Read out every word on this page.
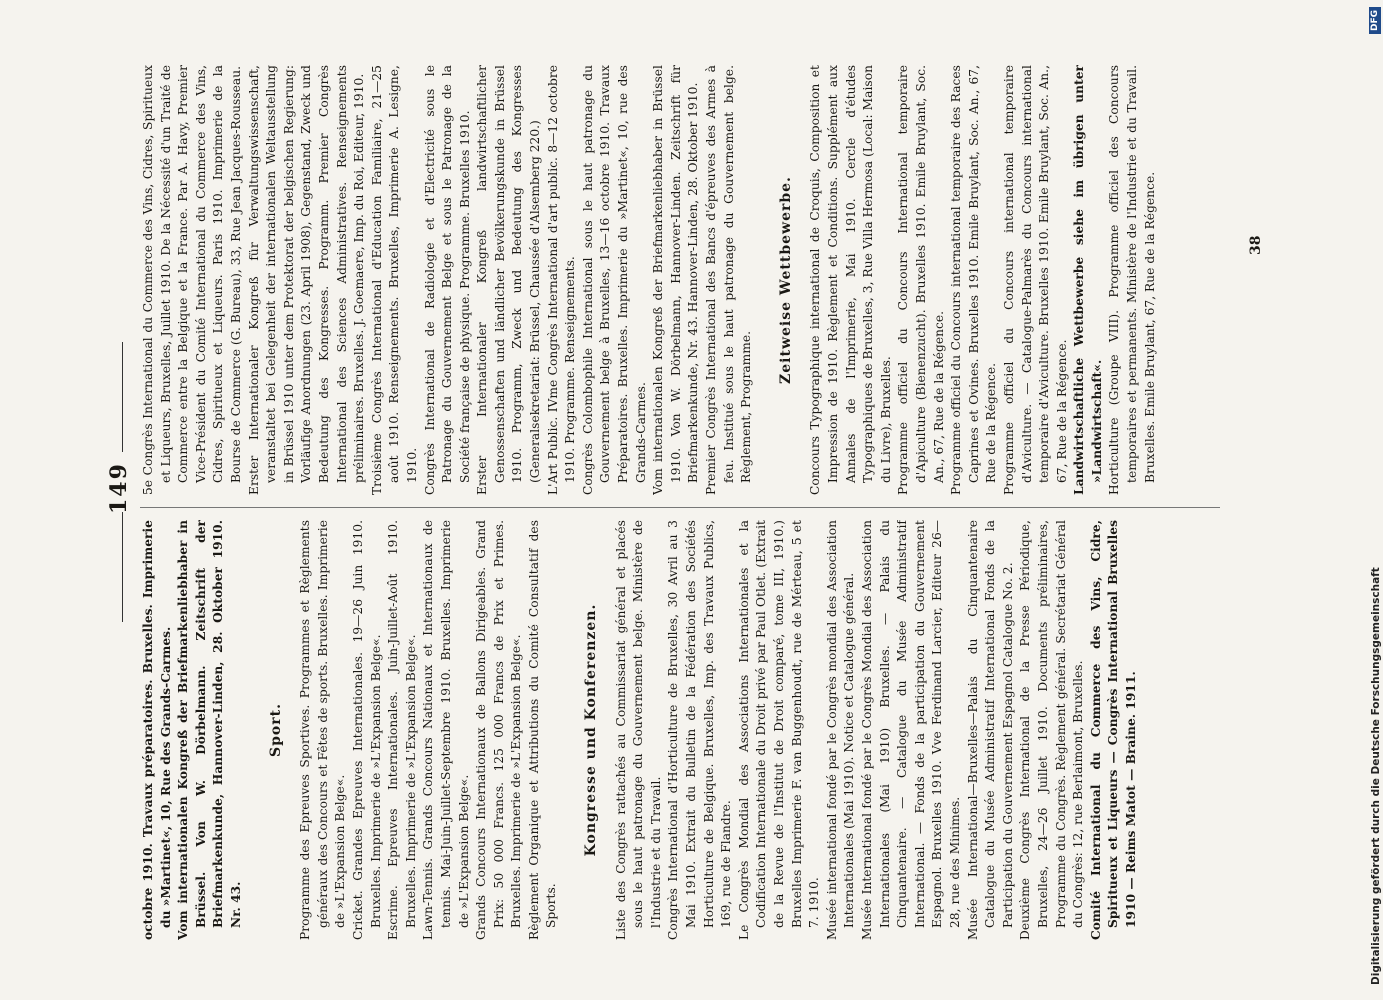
149

octobre 1910. Travaux préparatoires. Bruxelles. Imprimerie du »Martinet«, 10, Rue des Grands-Carmes. Vom internationalen Kongreß der Briefmarkenliebhaber in Brüssel. Von W. Dörbelmann. Zeitschrift der Briefmarkenkunde, Hannover-Linden, 28. Oktober 1910. Nr. 43.

Sport. Programme des Epreuves Sportives. Programmes et Règlements généraux des Concours et Fêtes de sports. Bruxelles. Imprimerie de »L'Expansion Belge«. Cricket. Grandes Epreuves Internationales. 19—26 Juin 1910. Bruxelles. Imprimerie de »L'Expansion Belge«. Escrime. Epreuves Internationales. Juin-Juillet-Août 1910. Bruxelles. Imprimerie de »L'Expansion Belge«. Lawn-Tennis. Grands Concours Nationaux et Internationaux de tennis. Mai-Juin-Juillet-Septembre 1910. Bruxelles. Imprimerie de »L'Expansion Belge«. Grands Concours Internationaux de Ballons Dirigeables. Grand Prix: 50 000 Francs. 125 000 Francs de Prix et Primes. Bruxelles. Imprimerie de »L'Expansion Belge«. Règlement Organique et Attributions du Comité Consultatif des Sports.

Kongresse und Konferenzen. Liste des Congrès rattachés au Commissariat général et placés sous le haut patronage du Gouvernement belge. Ministère de l'Industrie et du Travail. Congrès International d'Horticulture de Bruxelles, 30 Avril au 3 Mai 1910. Extrait du Bulletin de la Fédération des Sociétés Horticulture de Belgique. Bruxelles, Imp. des Travaux Publics, 169, rue de Flandre. Le Congrès Mondial des Associations Internationales et la Codification Internationale du Droit privé par Paul Otlet. (Extrait de la Revue de l'Institut de Droit comparé, tome III, 1910.) Bruxelles Imprimerie F. van Buggenhoudt, rue de Mérteau, 5 et 7. 1910. Musée international fondé par le Congrès mondial des Association Internationales (Mai 1910). Notice et Catalogue général. Musée International fondé par le Congrès Mondial des Association Internationales (Mai 1910) Bruxelles. — Palais du Cinquantenaire. — Catalogue du Musée Administratif International. — Fonds de la participation du Gouvernement Espagnol. Bruxelles 1910. Vve Ferdinand Larcier, Editeur 26—28, rue des Minimes. Musée International—Bruxelles—Palais du Cinquantenaire Catalogue du Musée Administratif International Fonds de la Participation du Gouvernement Espagnol Catalogue No. 2. Deuxième Congrès International de la Presse Périodique, Bruxelles, 24—26 Juillet 1910. Documents préliminaires, Programme du Congrès. Règlement général. Secrétariat Général du Congrès: 12, rue Berlaimont, Bruxelles. Comité International du Commerce des Vins, Cidre, Spiritueux et Liqueurs — Congrès International Bruxelles 1910 — Reims Matot — Braine. 1911.

5e Congrès International du Commerce des Vins, Cidres, Spiritueux et Liqueurs, Bruxelles, Juillet 1910. De la Nécessité d'un Traité de Commerce entre la Belgique et la France. Par A. Havy, Premier Vice-Président du Comité International du Commerce des Vins, Cidres, Spiritueux et Liqueurs. Paris 1910. Imprimerie de la Bourse de Commerce (G. Bureau), 33, Rue Jean Jacques-Rousseau. Erster Internationaler Kongreß für Verwaltungswissenschaft, veranstaltet bei Gelegenheit der internationalen Weltausstellung in Brüssel 1910 unter dem Protektorat der belgischen Regierung: Vorläufige Anordnungen (23. April 1908), Gegenstand, Zweck und Bedeutung des Kongresses. Programm. Premier Congrès International des Sciences Administratives. Renseignements préliminaires. Bruxelles. J. Goemaere, Imp. du Roi, Editeur, 1910. Troisième Congrès International d'Education Familiaire, 21—25 août 1910. Renseignements. Bruxelles, Imprimerie A. Lesigne, 1910. Congrès International de Radiologie et d'Electricité sous le Patronage du Gouvernement Belge et sous le Patronage de la Société française de physique. Programme. Bruxelles 1910. Erster Internationaler Kongreß landwirtschaftlicher Genossenschaften und ländlicher Bevölkerungskunde in Brüssel 1910. Programm, Zweck und Bedeutung des Kongresses (Generalsekretariat: Brüssel, Chaussée d'Alsemberg 220.) L'Art Public. IVme Congrès International d'art public. 8—12 octobre 1910. Programme. Renseignements. Congrès Colombophile International sous le haut patronage du Gouvernement belge à Bruxelles, 13—16 octobre 1910. Travaux Préparatoires. Bruxelles. Imprimerie du »Martinet«, 10, rue des Grands-Carmes. Vom internationalen Kongreß der Briefmarkenliebhaber in Brüssel 1910. Von W. Dörbelmann, Hannover-Linden. Zeitschrift für Briefmarkenkunde, Nr. 43. Hannover-Linden, 28. Oktober 1910. Premier Congrès International des Bancs d'épreuves des Armes à feu. Institué sous le haut patronage du Gouvernement belge. Règlement, Programme.

Zeitweise Wettbewerbe. Concours Typographique international de Croquis, Composition et Impression de 1910. Règlement et Conditions. Supplément aux Annales de l'Imprimerie, Mai 1910. Cercle d'études Typographiques de Bruxelles, 3, Rue Villa Hermosa (Local: Maison du Livre), Bruxelles. Programme officiel du Concours International temporaire d'Apiculture (Bienenzucht). Bruxelles 1910. Emile Bruylant, Soc. An., 67, Rue de la Régence. Programme officiel du Concours international temporaire des Races Caprines et Ovines. Bruxelles 1910. Emile Bruylant, Soc. An., 67, Rue de la Régence. Programme officiel du Concours international temporaire d'Aviculture. — Catalogue-Palmarès du Concours international temporaire d'Aviculture. Bruxelles 1910. Emile Bruylant, Soc. An., 67, Rue de la Régence. Landwirtschaftliche Wettbewerbe siehe im übrigen unter »Landwirtschaft«. Horticulture (Groupe VIII). Programme officiel des Concours temporaires et permanents. Ministère de l'Industrie et du Travail. Bruxelles. Emile Bruylant, 67, Rue de la Régence.	38
Digitalisierung gefördert durch die Deutsche Forschungsgemeinschaft
DFG
